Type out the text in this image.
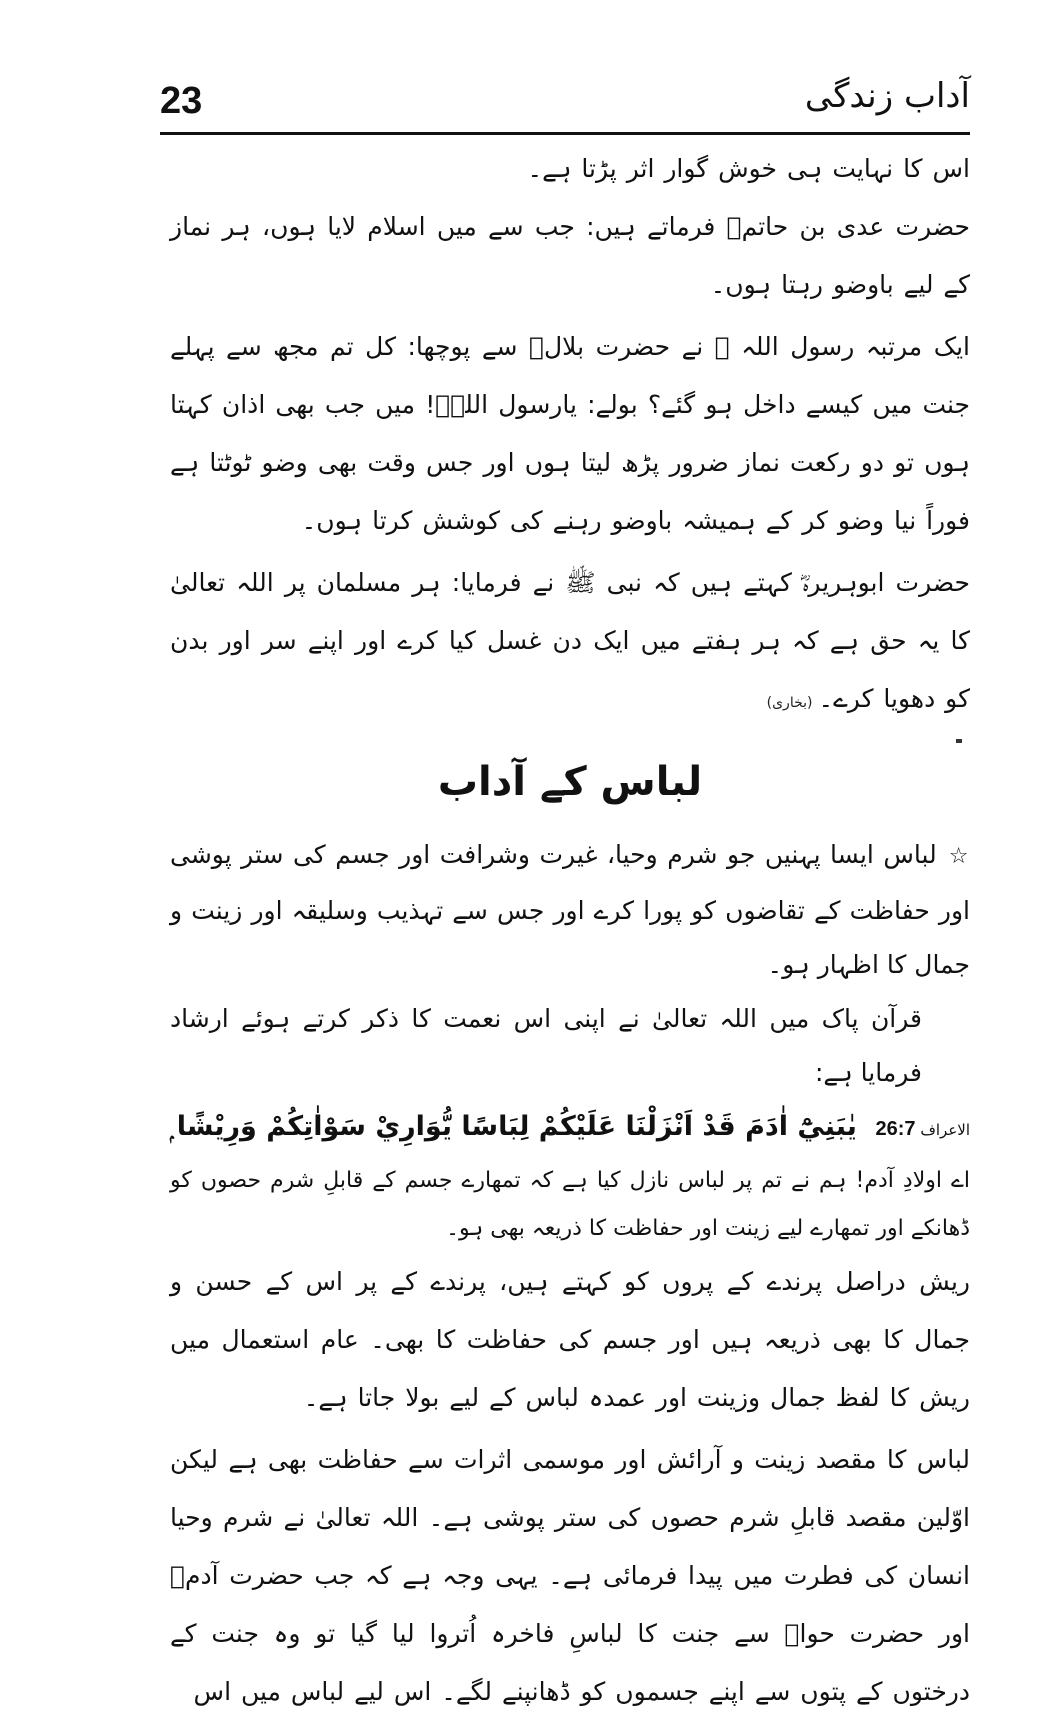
23	آداب زندگی

اس کا نہایت ہی خوش گوار اثر پڑتا ہے۔

حضرت عدی بن حاتمؓ فرماتے ہیں: جب سے میں اسلام لایا ہوں، ہر نماز کے لیے باوضو رہتا ہوں۔

ایک مرتبہ رسول اللہ ﷺ نے حضرت بلالؓ سے پوچھا: کل تم مجھ سے پہلے جنت میں کیسے داخل ہو گئے؟ بولے: یارسول اللہؐ! میں جب بھی اذان کہتا ہوں تو دو رکعت نماز ضرور پڑھ لیتا ہوں اور جس وقت بھی وضو ٹوٹتا ہے فوراً نیا وضو کر کے ہمیشہ باوضو رہنے کی کوشش کرتا ہوں۔

حضرت ابوہریرہؓ کہتے ہیں کہ نبی ﷺ نے فرمایا: ہر مسلمان پر اللہ تعالیٰ کا یہ حق ہے کہ ہر ہفتے میں ایک دن غسل کیا کرے اور اپنے سر اور بدن کو دھویا کرے۔(بخاری)

لباس کے آداب

☆لباس ایسا پہنیں جو شرم وحیا، غیرت وشرافت اور جسم کی ستر پوشی اور حفاظت کے تقاضوں کو پورا کرے اور جس سے تہذیب وسلیقہ اور زینت و جمال کا اظہار ہو۔

قرآن پاک میں اللہ تعالیٰ نے اپنی اس نعمت کا ذکر کرتے ہوئے ارشاد فرمایا ہے:

يٰبَنِيْٓ اٰدَمَ قَدْ اَنْزَلْنَا عَلَيْكُمْ لِبَاسًا يُّوَارِيْ سَوْاٰتِكُمْ وَرِيْشًا ۭ	الاعراف 26:7

اے اولادِ آدم! ہم نے تم پر لباس نازل کیا ہے کہ تمھارے جسم کے قابلِ شرم حصوں کو ڈھانکے اور تمھارے لیے زینت اور حفاظت کا ذریعہ بھی ہو۔

ریش دراصل پرندے کے پروں کو کہتے ہیں، پرندے کے پر اس کے حسن و جمال کا بھی ذریعہ ہیں اور جسم کی حفاظت کا بھی۔ عام استعمال میں ریش کا لفظ جمال وزینت اور عمدہ لباس کے لیے بولا جاتا ہے۔

لباس کا مقصد زینت و آرائش اور موسمی اثرات سے حفاظت بھی ہے لیکن اوّلین مقصد قابلِ شرم حصوں کی ستر پوشی ہے۔ اللہ تعالیٰ نے شرم وحیا انسان کی فطرت میں پیدا فرمائی ہے۔ یہی وجہ ہے کہ جب حضرت آدمؑ اور حضرت حواؑ سے جنت کا لباسِ فاخرہ اُتروا لیا گیا تو وہ جنت کے درختوں کے پتوں سے اپنے جسموں کو ڈھانپنے لگے۔ اس لیے لباس میں اس
